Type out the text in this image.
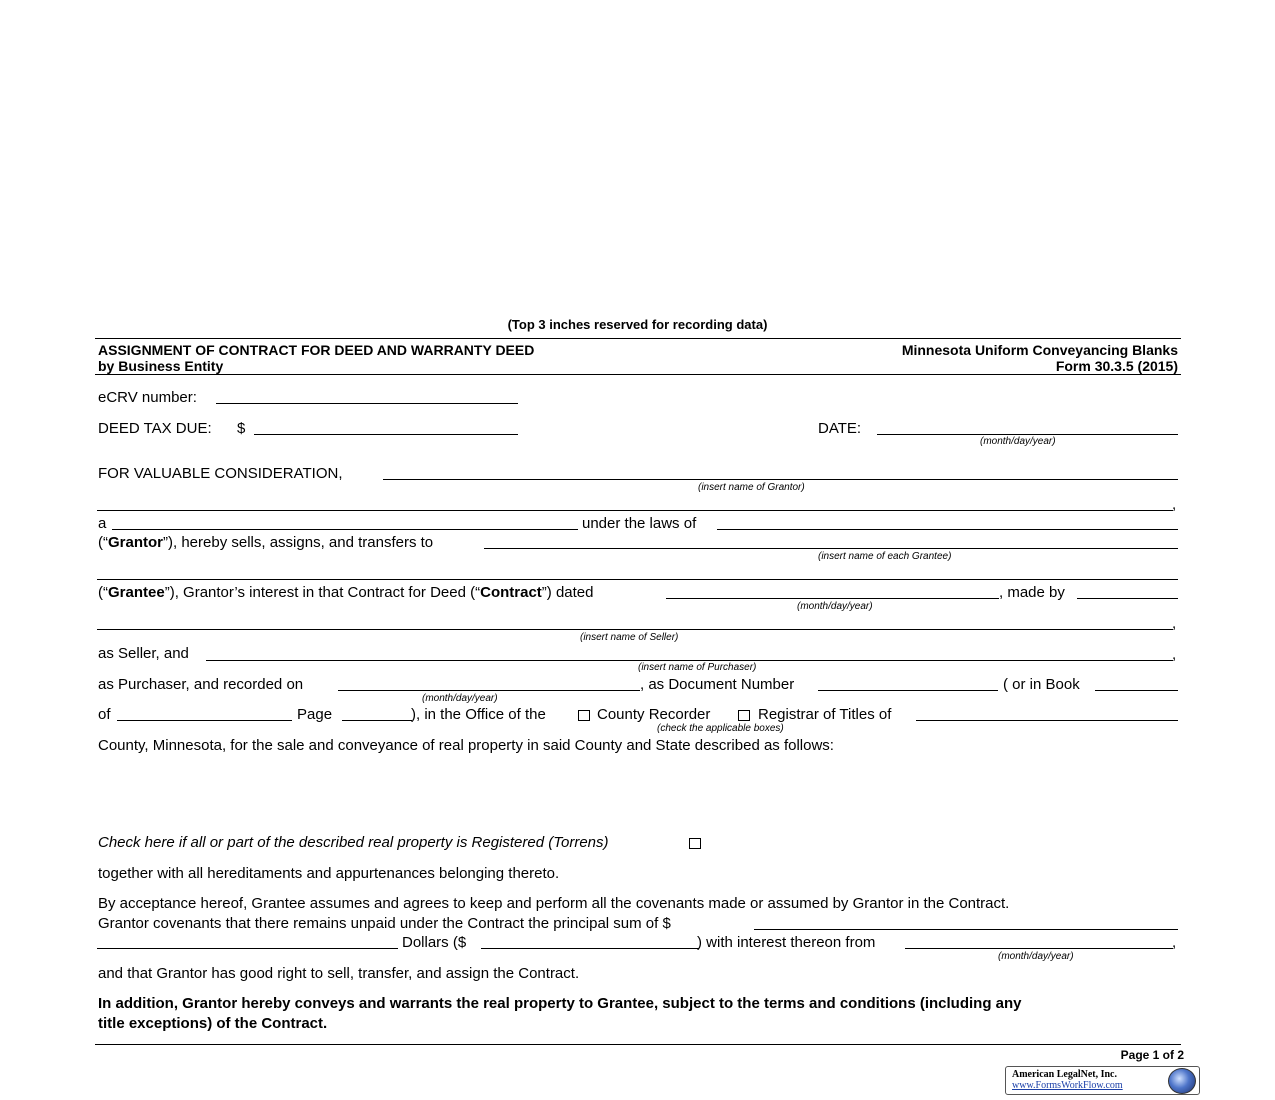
(Top 3 inches reserved for recording data)
ASSIGNMENT OF CONTRACT FOR DEED AND WARRANTY DEED
by Business Entity
Minnesota Uniform Conveyancing Blanks
Form 30.3.5 (2015)
eCRV number:
DEED TAX DUE: $	DATE:
(month/day/year)
FOR VALUABLE CONSIDERATION,
(insert name of Grantor)
,
a	under the laws of
(“Grantor”), hereby sells, assigns, and transfers to
(insert name of each Grantee)
(“Grantee”), Grantor’s interest in that Contract for Deed (“Contract”) dated
(month/day/year)
, made by
,
(insert name of Seller)
as Seller, and	,
(insert name of Purchaser)
as Purchaser, and recorded on
(month/day/year)
, as Document Number	( or in Book
of	Page	), in the Office of the	County Recorder	Registrar of Titles of
(check the applicable boxes)
County, Minnesota, for the sale and conveyance of real property in said County and State described as follows:
Check here if all or part of the described real property is Registered (Torrens)
together with all hereditaments and appurtenances belonging thereto.
By acceptance hereof, Grantee assumes and agrees to keep and perform all the covenants made or assumed by Grantor in the Contract.
Grantor covenants that there remains unpaid under the Contract the principal sum of $
Dollars ($	) with interest thereon from	,
(month/day/year)
and that Grantor has good right to sell, transfer, and assign the Contract.
In addition, Grantor hereby conveys and warrants the real property to Grantee, subject to the terms and conditions (including any
title exceptions) of the Contract.
Page 1 of 2
American LegalNet, Inc.
www.FormsWorkFlow.com
